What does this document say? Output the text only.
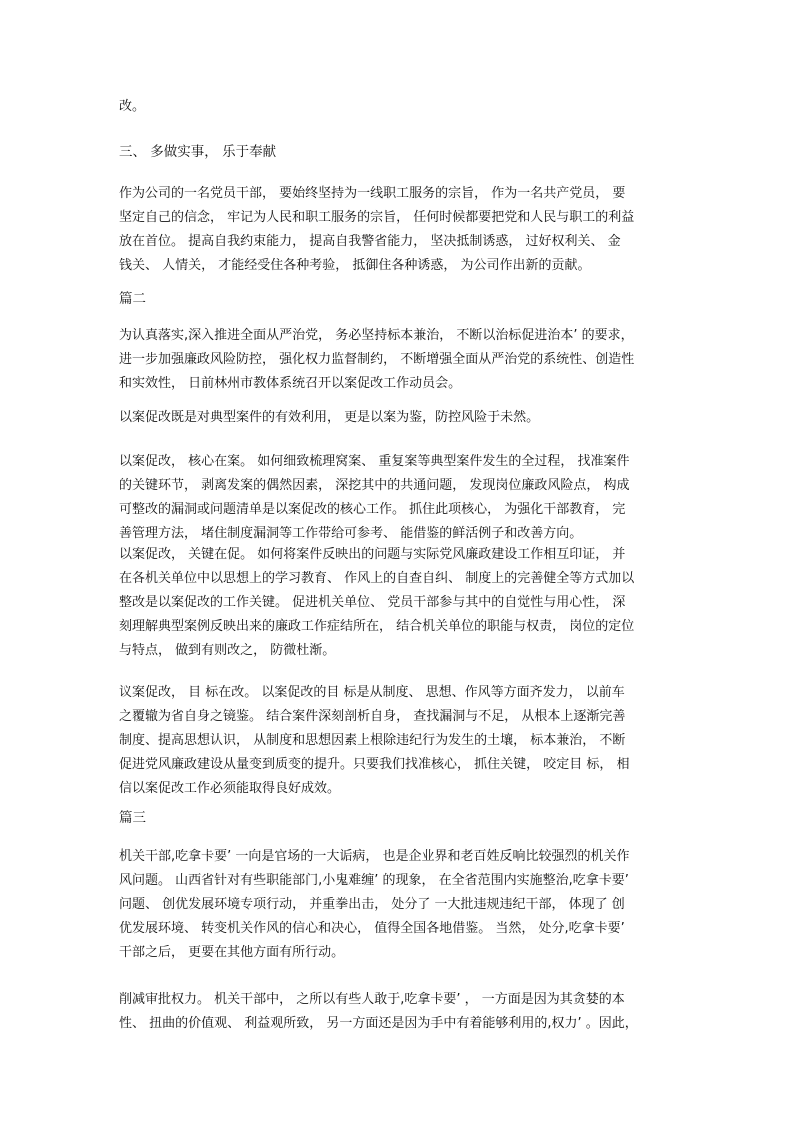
改。
三、 多做实事， 乐于奉献
作为公司的一名党员干部， 要始终坚持为一线职工服务的宗旨， 作为一名共产党员， 要
坚定自己的信念， 牢记为人民和职工服务的宗旨， 任何时候都要把党和人民与职工的利益
放在首位。 提高自我约束能力， 提高自我警省能力， 坚决抵制诱惑， 过好权利关、 金
钱关、 人情关， 才能经受住各种考验， 抵御住各种诱惑， 为公司作出新的贡献。
篇二
为认真落实,深入推进全面从严治党， 务必坚持标本兼治， 不断以治标促进治本’ 的要求，
进一步加强廉政风险防控， 强化权力监督制约， 不断增强全面从严治党的系统性、创造性
和实效性， 日前林州市教体系统召开以案促改工作动员会。
以案促改既是对典型案件的有效利用， 更是以案为鉴，防控风险于未然。
以案促改， 核心在案。 如何细致梳理窝案、 重复案等典型案件发生的全过程， 找准案件
的关键环节， 剥离发案的偶然因素， 深挖其中的共通问题， 发现岗位廉政风险点， 构成
可整改的漏洞或问题清单是以案促改的核心工作。 抓住此项核心， 为强化干部教育， 完
善管理方法， 堵住制度漏洞等工作带给可参考、 能借鉴的鲜活例子和改善方向。
以案促改， 关键在促。 如何将案件反映出的问题与实际党风廉政建设工作相互印证， 并
在各机关单位中以思想上的学习教育、 作风上的自查自纠、 制度上的完善健全等方式加以
整改是以案促改的工作关键。 促进机关单位、 党员干部参与其中的自觉性与用心性， 深
刻理解典型案例反映出来的廉政工作症结所在， 结合机关单位的职能与权责， 岗位的定位
与特点， 做到有则改之， 防微杜渐。
议案促改， 目 标在改。 以案促改的目 标是从制度、 思想、作风等方面齐发力， 以前车
之覆辙为省自身之镜鉴。 结合案件深刻剖析自身， 查找漏洞与不足， 从根本上逐渐完善
制度、提高思想认识， 从制度和思想因素上根除违纪行为发生的土壤， 标本兼治， 不断
促进党风廉政建设从量变到质变的提升。只要我们找准核心， 抓住关键， 咬定目 标， 相
信以案促改工作必须能取得良好成效。
篇三
机关干部,吃拿卡要’ 一向是官场的一大诟病， 也是企业界和老百姓反响比较强烈的机关作
风问题。 山西省针对有些职能部门,小鬼难缠’ 的现象， 在全省范围内实施整治,吃拿卡要’
问题、 创优发展环境专项行动， 并重拳出击， 处分了 一大批违规违纪干部， 体现了 创
优发展环境、 转变机关作风的信心和决心， 值得全国各地借鉴。 当然， 处分,吃拿卡要’
干部之后， 更要在其他方面有所行动。
削减审批权力。 机关干部中， 之所以有些人敢于,吃拿卡要’ ， 一方面是因为其贪婪的本
性、 扭曲的价值观、 利益观所致， 另一方面还是因为手中有着能够利用的,权力’ 。因此，
